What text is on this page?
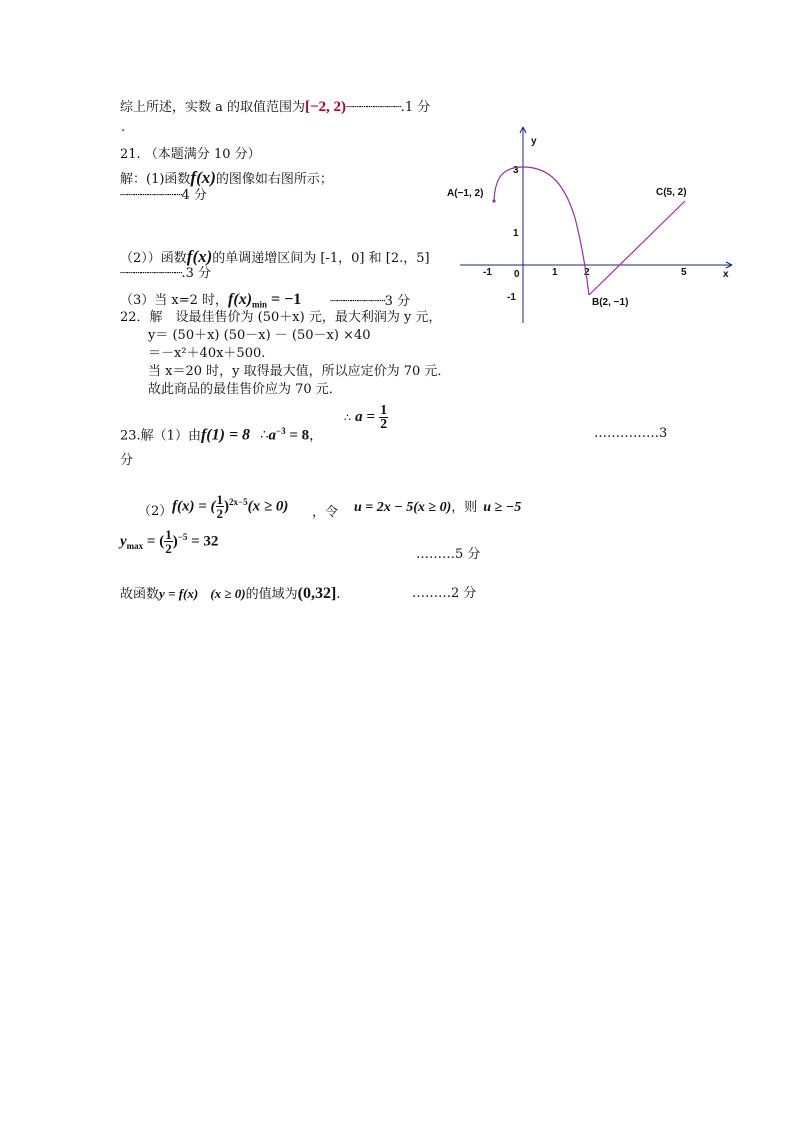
综上所述，实数 a 的取值范围为[−2, 2)┈┈┈┈┈┈┈┈.1 分
.
21. （本题满分 10 分）
解：(1)函数f(x)的图像如右图所示；
┈┈┈┈┈┈┈┈┈4 分
（2））函数f(x)的单调递增区间为 [-1，0] 和 [2.，5]
┈┈┈┈┈┈┈┈┈.3 分
（3）当 x=2 时，$f(x)_{min} = -1$ ┈┈┈┈┈┈┈┈3 分
22．解　设最佳售价为 (50＋x) 元，最大利润为 y 元，
y＝ (50＋x) (50－x) － (50－x) ×40
＝－x²＋40x＋500.
当 x＝20 时，y 取得最大值，所以应定价为 70 元．
故此商品的最佳售价应为 70 元．
23.解（1）由f(1) = 8 $\therefore a^{-3} = 8$，
∴ $a = \frac{1}{2}$
……………3
分
（2） f(x) = ( $\frac{1}{2} )^{2x-5}(x \ge 0)$ ，令 u = 2x − 5(x ≥ 0)，则 u ≥ −5
$y_{max}$ = ( $\frac{1}{2} )^{-5} = 32$
………5 分
故函数y = f(x) (x ≥ 0)的值域为(0,32].	………2 分
y
x
0
-1	1	2	5
3
1
-1
A(−1, 2)
B(2, −1)
C(5, 2)
